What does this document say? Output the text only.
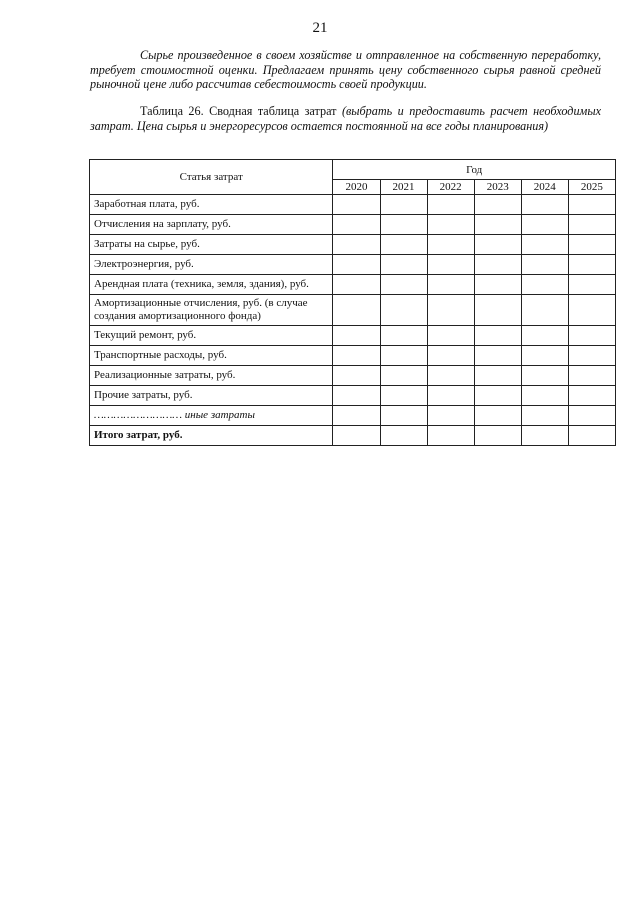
21

Сырье произведенное в своем хозяйстве и отправленное на собственную переработку, требует стоимостной оценки. Предлагаем принять цену собственного сырья равной средней рыночной цене либо рассчитав себестоимость своей продукции.

Таблица 26. Сводная таблица затрат (выбрать и предоставить расчет необходимых затрат. Цена сырья и энергоресурсов остается постоянной на все годы планирования)

Статья затрат	Год					
	2020	2021	2022	2023	2024	2025
Заработная плата, руб.						
Отчисления на зарплату, руб.						
Затраты на сырье, руб.						
Электроэнергия, руб.						
Арендная плата (техника, земля, здания), руб.						
Амортизационные отчисления, руб. (в случае создания амортизационного фонда)						
Текущий ремонт, руб.						
Транспортные расходы, руб.						
Реализационные затраты, руб.						
Прочие затраты, руб.						
……………………… иные затраты						
Итого затрат, руб.						
